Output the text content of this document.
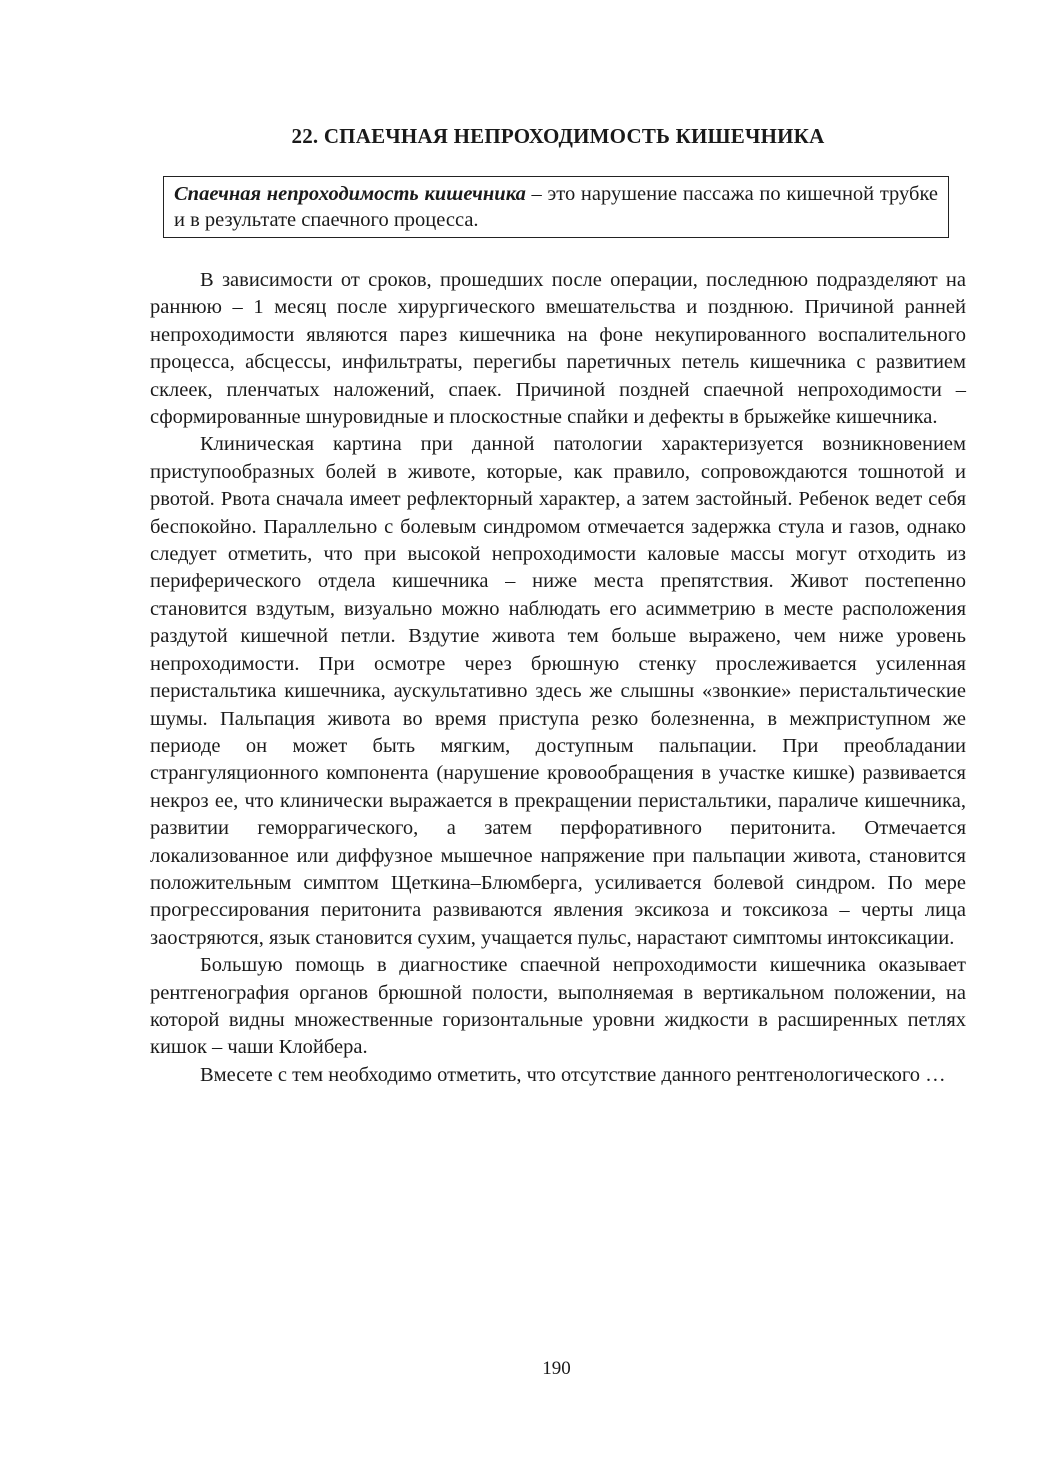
22. СПАЕЧНАЯ НЕПРОХОДИМОСТЬ КИШЕЧНИКА
Спаечная непроходимость кишечника – это нарушение пассажа по кишечной трубке и в результате спаечного процесса.

В зависимости от сроков, прошедших после операции, последнюю подразделяют на раннюю – 1 месяц после хирургического вмешательства и позднюю. Причиной ранней непроходимости являются парез кишечника на фоне некупированного воспалительного процесса, абсцессы, инфильтраты, перегибы паретичных петель кишечника с развитием склеек, пленчатых наложений, спаек. Причиной поздней спаечной непроходимости – сформированные шнуровидные и плоскостные спайки и дефекты в брыжейке кишечника.

Клиническая картина при данной патологии характеризуется возникновением приступообразных болей в животе, которые, как правило, сопровождаются тошнотой и рвотой. Рвота сначала имеет рефлекторный характер, а затем застойный. Ребенок ведет себя беспокойно. Параллельно с болевым синдромом отмечается задержка стула и газов, однако следует отметить, что при высокой непроходимости каловые массы могут отходить из периферического отдела кишечника – ниже места препятствия. Живот постепенно становится вздутым, визуально можно наблюдать его асимметрию в месте расположения раздутой кишечной петли. Вздутие живота тем больше выражено, чем ниже уровень непроходимости. При осмотре через брюшную стенку прослеживается усиленная перистальтика кишечника, аускультативно здесь же слышны «звонкие» перистальтические шумы. Пальпация живота во время приступа резко болезненна, в межприступном же периоде он может быть мягким, доступным пальпации. При преобладании странгуляционного компонента (нарушение кровообращения в участке кишке) развивается некроз ее, что клинически выражается в прекращении перистальтики, параличе кишечника, развитии геморрагического, а затем перфоративного перитонита. Отмечается локализованное или диффузное мышечное напряжение при пальпации живота, становится положительным симптом Щеткина–Блюмберга, усиливается болевой синдром. По мере прогрессирования перитонита развиваются явления эксикоза и токсикоза – черты лица заостряются, язык становится сухим, учащается пульс, нарастают симптомы интоксикации.

Большую помощь в диагностике спаечной непроходимости кишечника оказывает рентгенография органов брюшной полости, выполняемая в вертикальном положении, на которой видны множественные горизонтальные уровни жидкости в расширенных петлях кишок – чаши Клойбера.

Вмесете с тем необходимо отметить, что отсутствие данного рентгенологического …

190
